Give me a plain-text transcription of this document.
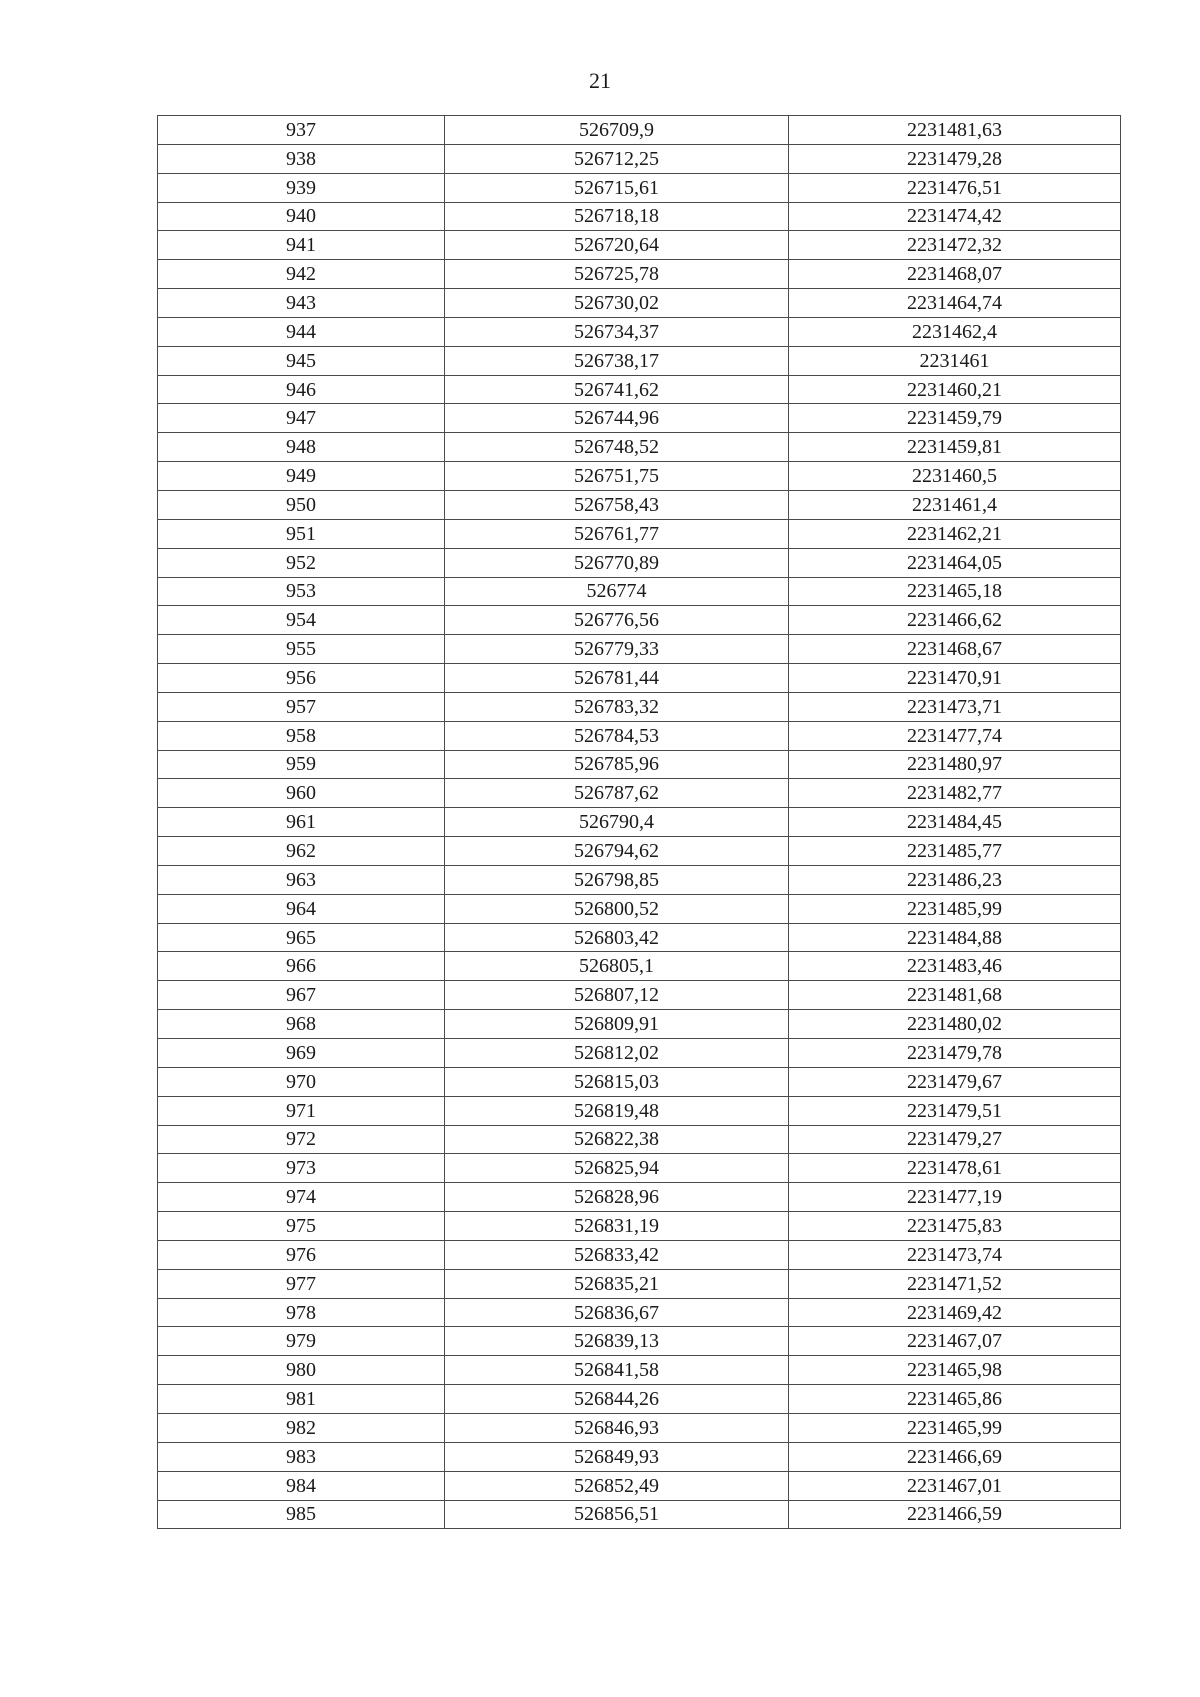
21
937	526709,9	2231481,63
938	526712,25	2231479,28
939	526715,61	2231476,51
940	526718,18	2231474,42
941	526720,64	2231472,32
942	526725,78	2231468,07
943	526730,02	2231464,74
944	526734,37	2231462,4
945	526738,17	2231461
946	526741,62	2231460,21
947	526744,96	2231459,79
948	526748,52	2231459,81
949	526751,75	2231460,5
950	526758,43	2231461,4
951	526761,77	2231462,21
952	526770,89	2231464,05
953	526774	2231465,18
954	526776,56	2231466,62
955	526779,33	2231468,67
956	526781,44	2231470,91
957	526783,32	2231473,71
958	526784,53	2231477,74
959	526785,96	2231480,97
960	526787,62	2231482,77
961	526790,4	2231484,45
962	526794,62	2231485,77
963	526798,85	2231486,23
964	526800,52	2231485,99
965	526803,42	2231484,88
966	526805,1	2231483,46
967	526807,12	2231481,68
968	526809,91	2231480,02
969	526812,02	2231479,78
970	526815,03	2231479,67
971	526819,48	2231479,51
972	526822,38	2231479,27
973	526825,94	2231478,61
974	526828,96	2231477,19
975	526831,19	2231475,83
976	526833,42	2231473,74
977	526835,21	2231471,52
978	526836,67	2231469,42
979	526839,13	2231467,07
980	526841,58	2231465,98
981	526844,26	2231465,86
982	526846,93	2231465,99
983	526849,93	2231466,69
984	526852,49	2231467,01
985	526856,51	2231466,59
